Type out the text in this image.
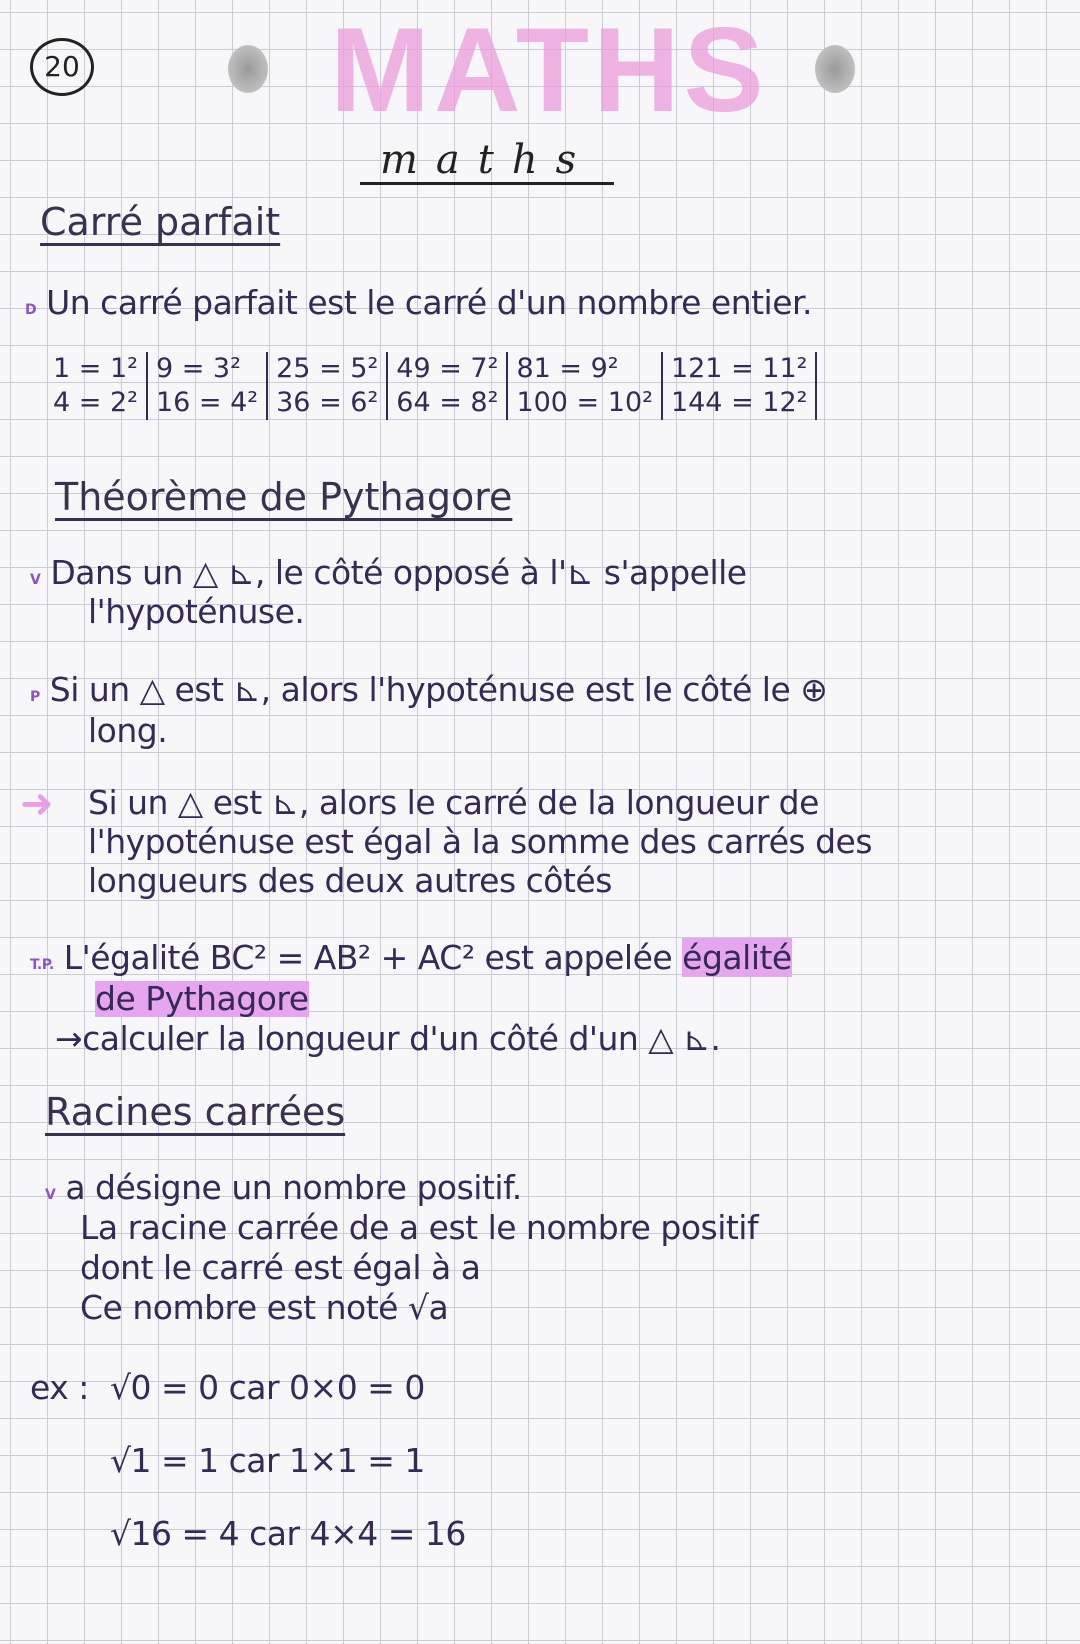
20 MATHS
maths
Carré parfait
D Un carré parfait est le carré d'un nombre entier.
1 = 1²
4 = 2²
9 = 3²
16 = 4²
25 = 5²
36 = 6²
49 = 7²
64 = 8²
81 = 9²
100 = 10²
121 = 11²
144 = 12²
Théorème de Pythagore
V Dans un △ ⊾, le côté opposé à l'⊾ s'appelle
l'hypoténuse.
P Si un △ est ⊾, alors l'hypoténuse est le côté le ⊕
long.
➜ Si un △ est ⊾, alors le carré de la longueur de
l'hypoténuse est égal à la somme des carrés des
longueurs des deux autres côtés
T.P. L'égalité BC² = AB² + AC² est appelée égalité
de Pythagore
→calculer la longueur d'un côté d'un △ ⊾.
Racines carrées
V a désigne un nombre positif.
La racine carrée de a est le nombre positif
dont le carré est égal à a
Ce nombre est noté √a
ex : √0 = 0 car 0×0 = 0
√1 = 1 car 1×1 = 1
√16 = 4 car 4×4 = 16
